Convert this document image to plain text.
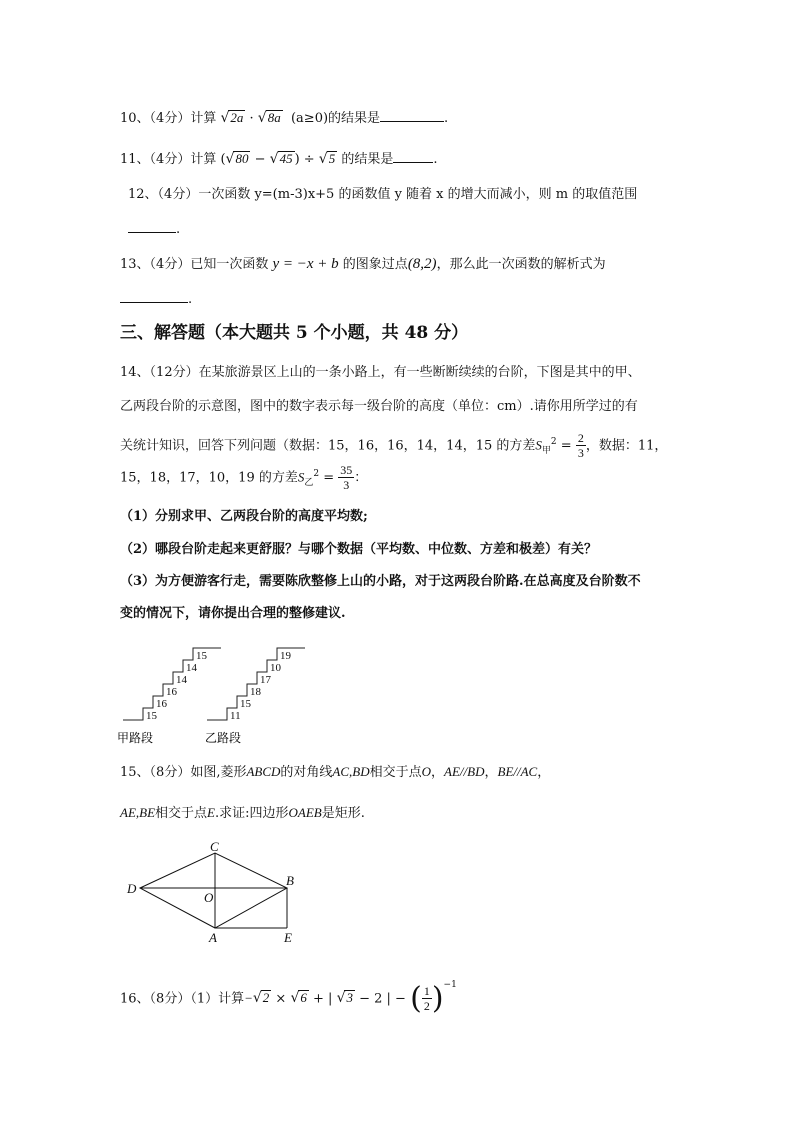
10、（4分）计算 √2a · √8a (a≥0)的结果是	.
11、（4分）计算 (√80 − √45 ) ÷ √5 的结果是	.
12、（4分）一次函数 y=(m-3)x+5 的函数值 y 随着 x 的增大而减小，则 m 的取值范围
.
13、（4分）已知一次函数 y = −x + b 的图象过点(8,2)，那么此一次函数的解析式为
.
三、解答题（本大题共 5 个小题，共 48 分）
14、（12分）在某旅游景区上山的一条小路上，有一些断断续续的台阶，下图是其中的甲、
乙两段台阶的示意图，图中的数字表示每一级台阶的高度（单位：cm）.请你用所学过的有
关统计知识，回答下列问题（数据：15，16，16，14，14，15 的方差$S_甲^2 = \frac{2}{3}$ ，数据：11，
15，18，17，10，19 的方差$S_乙^2 = \frac{35}{3}$ ：
（1）分别求甲、乙两段台阶的高度平均数;
（2）哪段台阶走起来更舒服？与哪个数据（平均数、中位数、方差和极差）有关？
（3）为方便游客行走，需要陈欣整修上山的小路，对于这两段台阶路.在总高度及台阶数不
变的情况下，请你提出合理的整修建议.
15
16
16
14
14
15
11
15
18
17
10
19
甲路段	乙路段
15、（8分）如图,菱形ABCD的对角线AC,BD相交于点O，AE//BD，BE//AC，
AE,BE相交于点E.求证:四边形OAEB是矩形.
C
D
B
O
A	E
16、（8分）（1）计算−√2 × √6 + | √3 − 2 | − ( $\frac{1}{2} )^{-1}$
